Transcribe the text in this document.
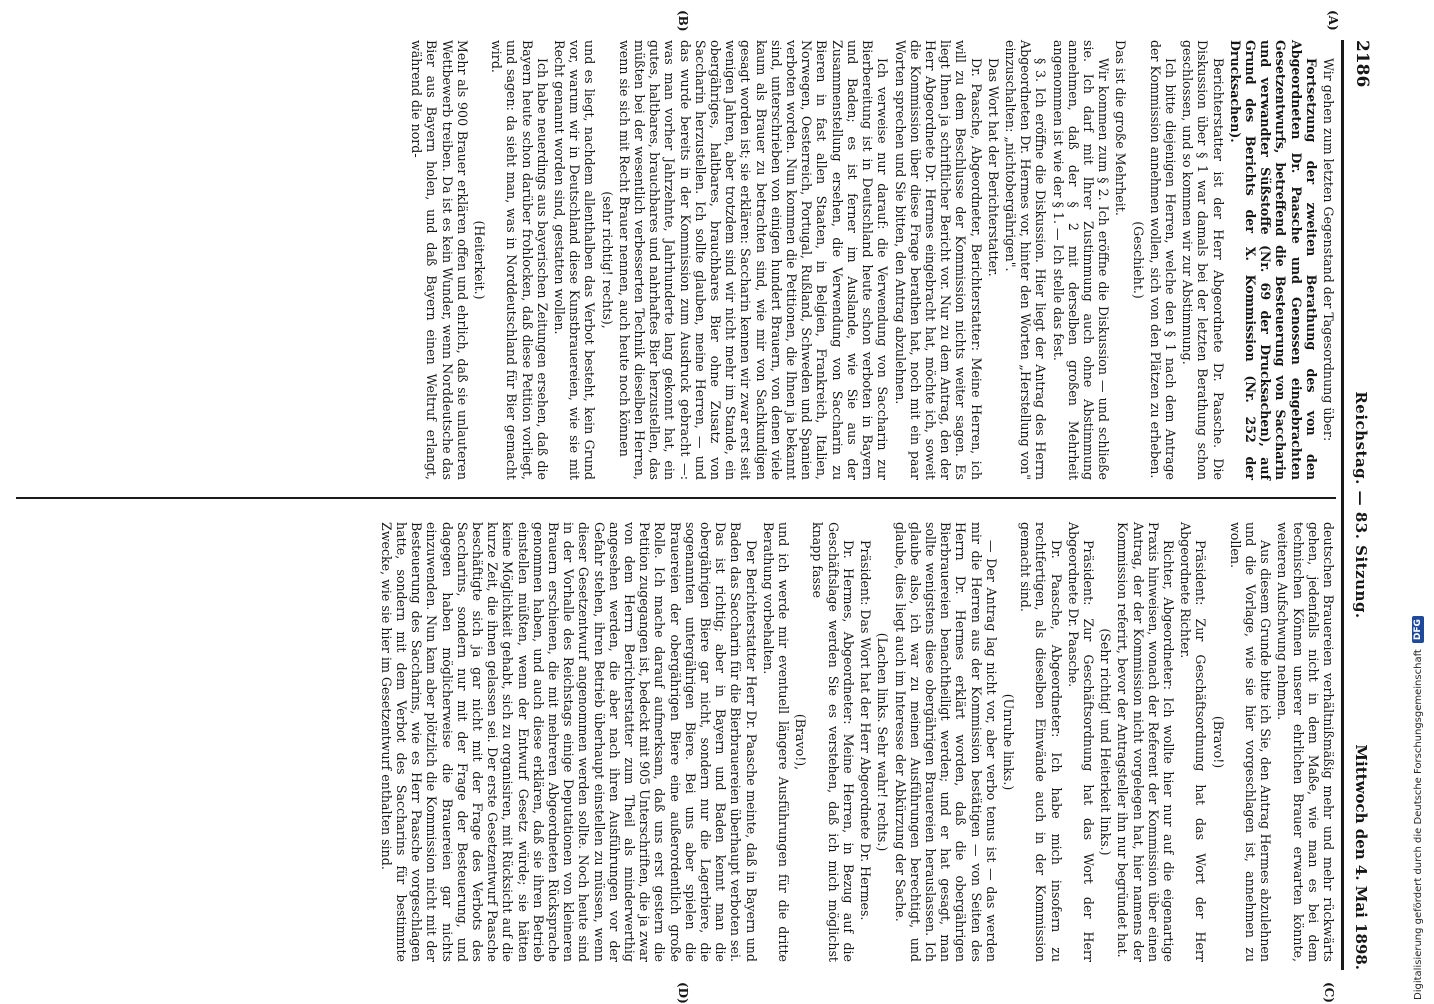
2186
Reichstag. — 83. Sitzung.
Mittwoch den 4. Mai 1898.
(A)
(B)
(C)
(D)

Wir gehen zum letzten Gegenstand der Tagesordnung über:

Fortsetzung der zweiten Berathung des von den Abgeordneten Dr. Paasche und Genossen eingebrachten Gesetzentwurfs, betreffend die Besteuerung von Saccharin und verwandter Süßstoffe (Nr. 69 der Drucksachen), auf Grund des Berichts der X. Kommission (Nr. 252 der Drucksachen).

Berichterstatter ist der Herr Abgeordnete Dr. Paasche. Die Diskussion über § 1 war damals bei der letzten Berathung schon geschlossen, und so kommen wir zur Abstimmung.

Ich bitte diejenigen Herren, welche den § 1 nach dem Antrage der Kommission annehmen wollen, sich von den Plätzen zu erheben.

(Geschieht.)

Das ist die große Mehrheit.

Wir kommen zum § 2. Ich eröffne die Diskussion — und schließe sie. Ich darf mit Ihrer Zustimmung auch ohne Abstimmung annehmen, daß der § 2 mit derselben großen Mehrheit angenommen ist wie der § 1. — Ich stelle das fest.

§ 3. Ich eröffne die Diskussion. Hier liegt der Antrag des Herrn Abgeordneten Dr. Hermes vor, hinter den Worten „Herstellung von" einzuschalten: „nichtobergährigen".

Das Wort hat der Berichterstatter.

Dr. Paasche, Abgeordneter, Berichterstatter: Meine Herren, ich will zu dem Beschlusse der Kommission nichts weiter sagen. Es liegt Ihnen ja schriftlicher Bericht vor. Nur zu dem Antrag, den der Herr Abgeordnete Dr. Hermes eingebracht hat, möchte ich, soweit die Kommission über diese Frage berathen hat, noch mit ein paar Worten sprechen und Sie bitten, den Antrag abzulehnen.

Ich verweise nur darauf: die Verwendung von Saccharin zur Bierbereitung ist in Deutschland heute schon verboten in Bayern und Baden; es ist ferner im Auslande, wie Sie aus der Zusammenstellung ersehen, die Verwendung von Saccharin zu Bieren in fast allen Staaten, in Belgien, Frankreich, Italien, Norwegen, Oesterreich, Portugal, Rußland, Schweden und Spanien verboten worden. Nun kommen die Petitionen, die Ihnen ja bekannt sind, unterschrieben von einigen hundert Brauern, von denen viele kaum als Brauer zu betrachten sind, wie mir von Sachkundigen gesagt worden ist; sie erklären: Saccharin kennen wir zwar erst seit wenigen Jahren, aber trotzdem sind wir nicht mehr im Stande, ein obergähriges, haltbares, brauchbares Bier ohne Zusatz von Saccharin herzustellen. Ich sollte glauben, meine Herren, — und das wurde bereits in der Kommission zum Ausdruck gebracht —: was man vorher Jahrzehnte, Jahrhunderte lang gekonnt hat, ein gutes, haltbares, brauchbares und nahrhaftes Bier herzustellen, das müßten bei der wesentlich verbesserten Technik dieselben Herren, wenn sie sich mit Recht Brauer nennen, auch heute noch können

(sehr richtig! rechts),

und es liegt, nachdem allenthalben das Verbot besteht, kein Grund vor, warum wir in Deutschland diese Kunstbrauereien, wie sie mit Recht genannt worden sind, gestatten wollen.

Ich habe neuerdings aus bayerischen Zeitungen ersehen, daß die Bayern heute schon darüber frohlocken, daß diese Petition vorliegt, und sagen: da sieht man, was in Norddeutschland für Bier gemacht wird.

(Heiterkeit.)

Mehr als 900 Brauer erklären offen und ehrlich, daß sie unlauteren Wettbewerb treiben. Da ist es kein Wunder, wenn Norddeutsche das Bier aus Bayern holen, und daß Bayern einen Weltruf erlangt, während die nord-

deutschen Brauereien verhältnißmäßig mehr und mehr rückwärts gehen, jedenfalls nicht in dem Maße, wie man es bei dem technischen Können unserer ehrlichen Brauer erwarten könnte, weiteren Aufschwung nehmen.

Aus diesem Grunde bitte ich Sie, den Antrag Hermes abzulehnen und die Vorlage, wie sie hier vorgeschlagen ist, annehmen zu wollen.

(Bravo!)

Präsident: Zur Geschäftsordnung hat das Wort der Herr Abgeordnete Richter.

Richter, Abgeordneter: Ich wollte hier nur auf die eigenartige Praxis hinweisen, wonach der Referent der Kommission über einen Antrag, der der Kommission nicht vorgelegen hat, hier namens der Kommission referirt, bevor der Antragsteller ihn nur begründet hat.

(Sehr richtig! und Heiterkeit links.)

Präsident: Zur Geschäftsordnung hat das Wort der Herr Abgeordnete Dr. Paasche.

Dr. Paasche, Abgeordneter: Ich habe mich insofern zu rechtfertigen, als dieselben Einwände auch in der Kommission gemacht sind.

(Unruhe links.)

— Der Antrag lag nicht vor, aber verbo tenus ist — das werden mir die Herren aus der Kommission bestätigen — von Seiten des Herrn Dr. Hermes erklärt worden, daß die obergährigen Bierbrauereien benachtheiligt werden; und er hat gesagt, man sollte wenigstens diese obergährigen Brauereien herauslassen. Ich glaube also, ich war zu meinen Ausführungen berechtigt, und glaube, dies liegt auch im Interesse der Abkürzung der Sache.

(Lachen links. Sehr wahr! rechts.)

Präsident: Das Wort hat der Herr Abgeordnete Dr. Hermes.

Dr. Hermes, Abgeordneter: Meine Herren, in Bezug auf die Geschäftslage werden Sie es verstehen, daß ich mich möglichst knapp fasse

(Bravo!),

und ich werde mir eventuell längere Ausführungen für die dritte Berathung vorbehalten.

Der Berichterstatter Herr Dr. Paasche meinte, daß in Bayern und Baden das Saccharin für die Bierbrauereien überhaupt verboten sei. Das ist richtig; aber in Bayern und Baden kennt man die obergährigen Biere gar nicht, sondern nur die Lagerbiere, die sogenannten untergährigen Biere. Bei uns aber spielen die Brauereien der obergährigen Biere eine außerordentlich große Rolle. Ich mache darauf aufmerksam, daß uns erst gestern die Petition zugegangen ist, bedeckt mit 905 Unterschriften, die ja zwar von dem Herrn Berichterstatter zum Theil als minderwerthig angesehen werden, die aber nach ihren Ausführungen vor der Gefahr stehen, ihren Betrieb überhaupt einstellen zu müssen, wenn dieser Gesetzentwurf angenommen werden sollte. Noch heute sind in der Vorhalle des Reichstags einige Deputationen von kleineren Brauern erschienen, die mit mehreren Abgeordneten Rücksprache genommen haben, und auch diese erklären, daß sie ihren Betrieb einstellen müßten, wenn der Entwurf Gesetz würde; sie hätten keine Möglichkeit gehabt, sich zu organisiren, mit Rücksicht auf die kurze Zeit, die ihnen gelassen sei. Der erste Gesetzentwurf Paasche beschäftigte sich ja gar nicht mit der Frage des Verbots des Saccharins, sondern nur mit der Frage der Besteuerung, und dagegen haben möglicherweise die Brauereien gar nichts einzuwenden. Nun kam aber plötzlich die Kommission nicht mit der Besteuerung des Saccharins, wie es Herr Paasche vorgeschlagen hatte, sondern mit dem Verbot des Saccharins für bestimmte Zwecke, wie sie hier im Gesetzentwurf enthalten sind.	Digitalisierung gefördert durch die Deutsche Forschungsgemeinschaft
DFG
